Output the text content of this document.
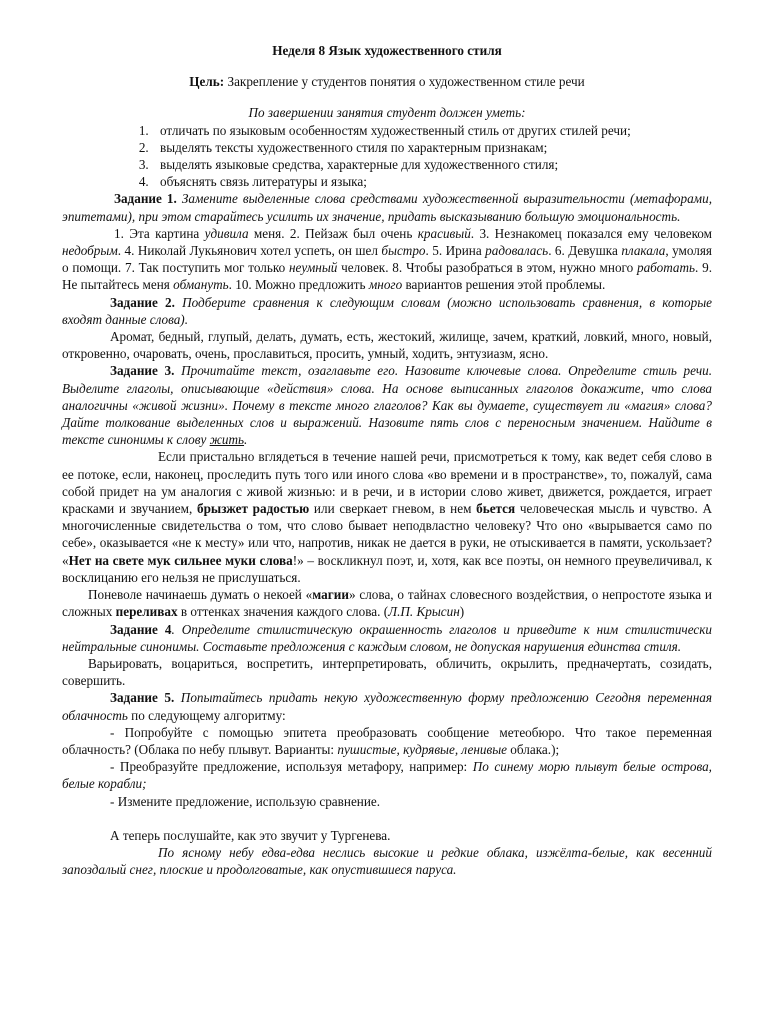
Неделя 8 Язык художественного стиля

Цель: Закрепление у студентов понятия о художественном стиле речи

По завершении занятия студент должен уметь:

1. отличать по языковым особенностям художественный стиль от других стилей речи;
2. выделять тексты художественного стиля по характерным признакам;
3. выделять языковые средства, характерные для художественного стиля;
4. объяснять связь литературы и языка;

Задание 1. Замените выделенные слова средствами художественной выразительности (метафорами, эпитетами), при этом старайтесь усилить их значение, придать высказыванию большую эмоциональность.

1. Эта картина удивила меня. 2. Пейзаж был очень красивый. 3. Незнакомец показался ему человеком недобрым. 4. Николай Лукьянович хотел успеть, он шел быстро. 5. Ирина радовалась. 6. Девушка плакала, умоляя о помощи. 7. Так поступить мог только неумный человек. 8. Чтобы разобраться в этом, нужно много работать. 9. Не пытайтесь меня обмануть. 10. Можно предложить много вариантов решения этой проблемы.

Задание 2. Подберите сравнения к следующим словам (можно использовать сравнения, в которые входят данные слова).

Аромат, бедный, глупый, делать, думать, есть, жестокий, жилище, зачем, краткий, ловкий, много, новый, откровенно, очаровать, очень, прославиться, просить, умный, ходить, энтузиазм, ясно.

Задание 3. Прочитайте текст, озаглавьте его. Назовите ключевые слова. Определите стиль речи. Выделите глаголы, описывающие «действия» слова. На основе выписанных глаголов докажите, что слова аналогичны «живой жизни». Почему в тексте много глаголов? Как вы думаете, существует ли «магия» слова? Дайте толкование выделенных слов и выражений. Назовите пять слов с переносным значением. Найдите в тексте синонимы к слову жить.

Если пристально вглядеться в течение нашей речи, присмотреться к тому, как ведет себя слово в ее потоке, если, наконец, проследить путь того или иного слова «во времени и в пространстве», то, пожалуй, сама собой придет на ум аналогия с живой жизнью: и в речи, и в истории слово живет, движется, рождается, играет красками и звучанием, брызжет радостью или сверкает гневом, в нем бьется человеческая мысль и чувство. А многочисленные свидетельства о том, что слово бывает неподвластно человеку? Что оно «вырывается само по себе», оказывается «не к месту» или что, напротив, никак не дается в руки, не отыскивается в памяти, ускользает? «Нет на свете мук сильнее муки слова!» – воскликнул поэт, и, хотя, как все поэты, он немного преувеличивал, к восклицанию его нельзя не прислушаться.

Поневоле начинаешь думать о некоей «магии» слова, о тайнах словесного воздействия, о непростоте языка и сложных переливах в оттенках значения каждого слова. (Л.П. Крысин)

Задание 4. Определите стилистическую окрашенность глаголов и приведите к ним стилистически нейтральные синонимы. Составьте предложения с каждым словом, не допуская нарушения единства стиля.

Варьировать, воцариться, воспретить, интерпретировать, обличить, окрылить, предначертать, созидать, совершить.

Задание 5. Попытайтесь придать некую художественную форму предложению Сегодня переменная облачность по следующему алгоритму:

- Попробуйте с помощью эпитета преобразовать сообщение метеобюро. Что такое переменная облачность? (Облака по небу плывут. Варианты: пушистые, кудрявые, ленивые облака.);

- Преобразуйте предложение, используя метафору, например: По синему морю плывут белые острова, белые корабли;

- Измените предложение, использую сравнение.

А теперь послушайте, как это звучит у Тургенева.

По ясному небу едва-едва неслись высокие и редкие облака, изжёлта-белые, как весенний запоздалый снег, плоские и продолговатые, как опустившиеся паруса.
